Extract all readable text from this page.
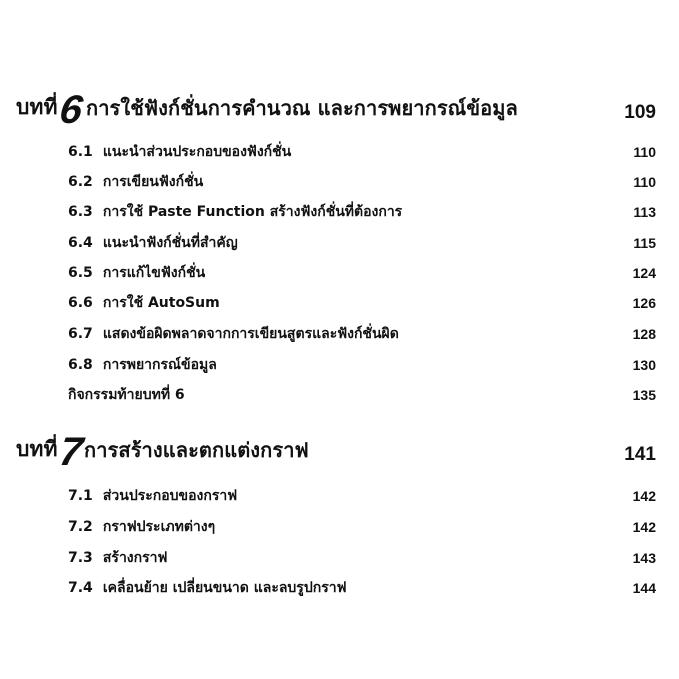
บทที่ 6 การใช้ฟังก์ชั่นการคำนวณ และการพยากรณ์ข้อมูล	109
6.1 แนะนำส่วนประกอบของฟังก์ชั่น	110
6.2 การเขียนฟังก์ชั่น	110
6.3 การใช้ Paste Function สร้างฟังก์ชั่นที่ต้องการ	113
6.4 แนะนำฟังก์ชั่นที่สำคัญ	115
6.5 การแก้ไขฟังก์ชั่น	124
6.6 การใช้ AutoSum	126
6.7 แสดงข้อผิดพลาดจากการเขียนสูตรและฟังก์ชั่นผิด	128
6.8 การพยากรณ์ข้อมูล	130
กิจกรรมท้ายบทที่ 6	135
บทที่ 7
การสร้างและตกแต่งกราฟ	141
7.1 ส่วนประกอบของกราฟ	142
7.2 กราฟประเภทต่างๆ	142
7.3 สร้างกราฟ	143
7.4 เคลื่อนย้าย เปลี่ยนขนาด และลบรูปกราฟ	144
